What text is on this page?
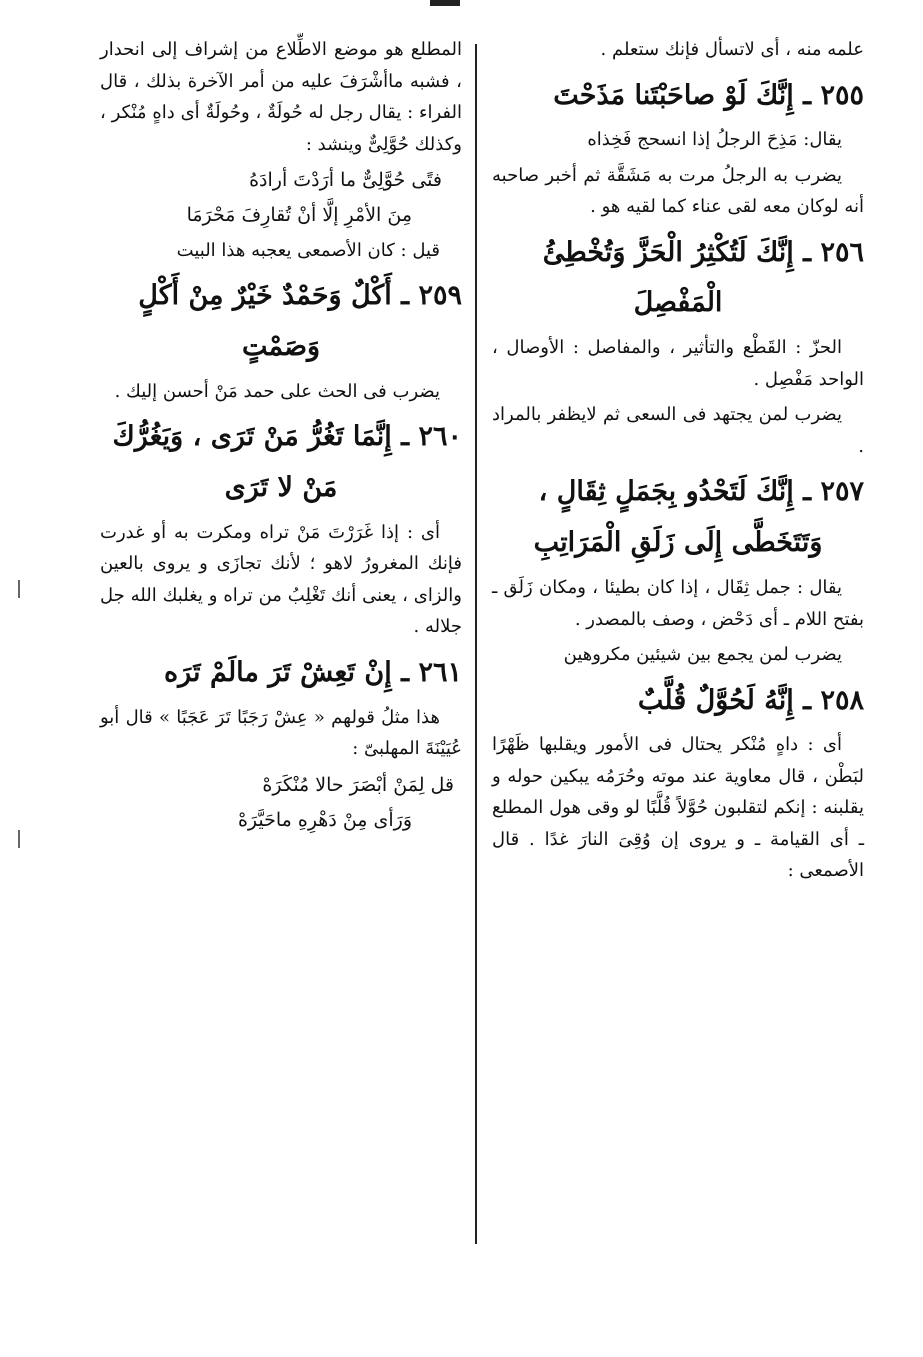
علمه منه ، أى لاتسأل فإنك ستعلم .

٢٥٥ ـ إِنَّكَ لَوْ صاحَبْتَنا مَذَحْتَ

يقال: مَذِحَ الرجلُ إذا انسحج فَخِذاه

يضرب به الرجلُ مرت به مَشَقَّة ثم أخبر صاحبه أنه لوكان معه لقى عناء كما لقيه هو .

٢٥٦ ـ إِنَّكَ لَتُكْثِرُ الْحَزَّ وَتُخْطِئُ
الْمَفْصِلَ

الحزّ : القَطْع والتأثير ، والمفاصل : الأوصال ، الواحد مَفْصِل .

يضرب لمن يجتهد فى السعى ثم لايظفر بالمراد .

٢٥٧ ـ إِنَّكَ لَتَحْدُو بِجَمَلٍ ثِقَالٍ ،
وَتَتَخَطَّى إِلَى زَلَقِ الْمَرَاتِبِ

يقال : جمل ثِقَال ، إذا كان بطيئا ، ومكان زَلَق ـ بفتح اللام ـ أى دَحْض ، وصف بالمصدر .

يضرب لمن يجمع بين شيئين مكروهين

٢٥٨ ـ إِنَّهُ لَحُوَّلٌ قُلَّبٌ

أى : داهٍ مُنْكر يحتال فى الأمور ويقلبها ظَهْرًا لبَطْن ، قال معاوية عند موته وحُرَمُه يبكين حوله و يقلبنه : إنكم لتقلبون حُوَّلاً قُلَّبًا لو وقى هول المطلع ـ أى القيامة ـ و يروى إن وُقِىَ النارَ غدًا . قال الأصمعى :

المطلع هو موضع الاطِّلاع من إشراف إلى انحدار ، فشبه ماأشْرَفَ عليه من أمر الآخرة بذلك ، قال الفراء : يقال رجل له حُولَةٌ ، وحُولَةٌ أى داهٍ مُنْكر ، وكذلك حُوَّلِىٌّ وينشد :

فتًى حُوَّلِىٌّ ما أرَدْتَ أرادَهُ
مِنَ الأمْرِ إلَّا أنْ تُقارِفَ مَحْرَمَا

قيل : كان الأصمعى يعجبه هذا البيت

٢٥٩ ـ أَكْلٌ وَحَمْدٌ خَيْرٌ مِنْ أَكْلٍ
وَصَمْتٍ

يضرب فى الحث على حمد مَنْ أحسن إليك .

٢٦٠ ـ إِنَّمَا تَغُرُّ مَنْ تَرَى ، وَيَغُرُّكَ
مَنْ لا تَرَى

أى : إذا غَرَرْتَ مَنْ تراه ومكرت به أو غدرت فإنك المغرورُ لاهو ؛ لأنك تجازَى و يروى بالعين والزاى ، يعنى أنك تَغْلِبُ من تراه و يغلبك الله جل جلاله .

٢٦١ ـ إِنْ تَعِشْ تَرَ مالَمْ تَرَه

هذا مثلُ قولهم « عِشْ رَجَبًا تَرَ عَجَبًا » قال أبو عُيَيْنَةَ المهلبىّ :

قل لِمَنْ أبْصَرَ حالا مُنْكَرَهْ
وَرَأى مِنْ دَهْرِهِ ماحَيَّرَهْ
